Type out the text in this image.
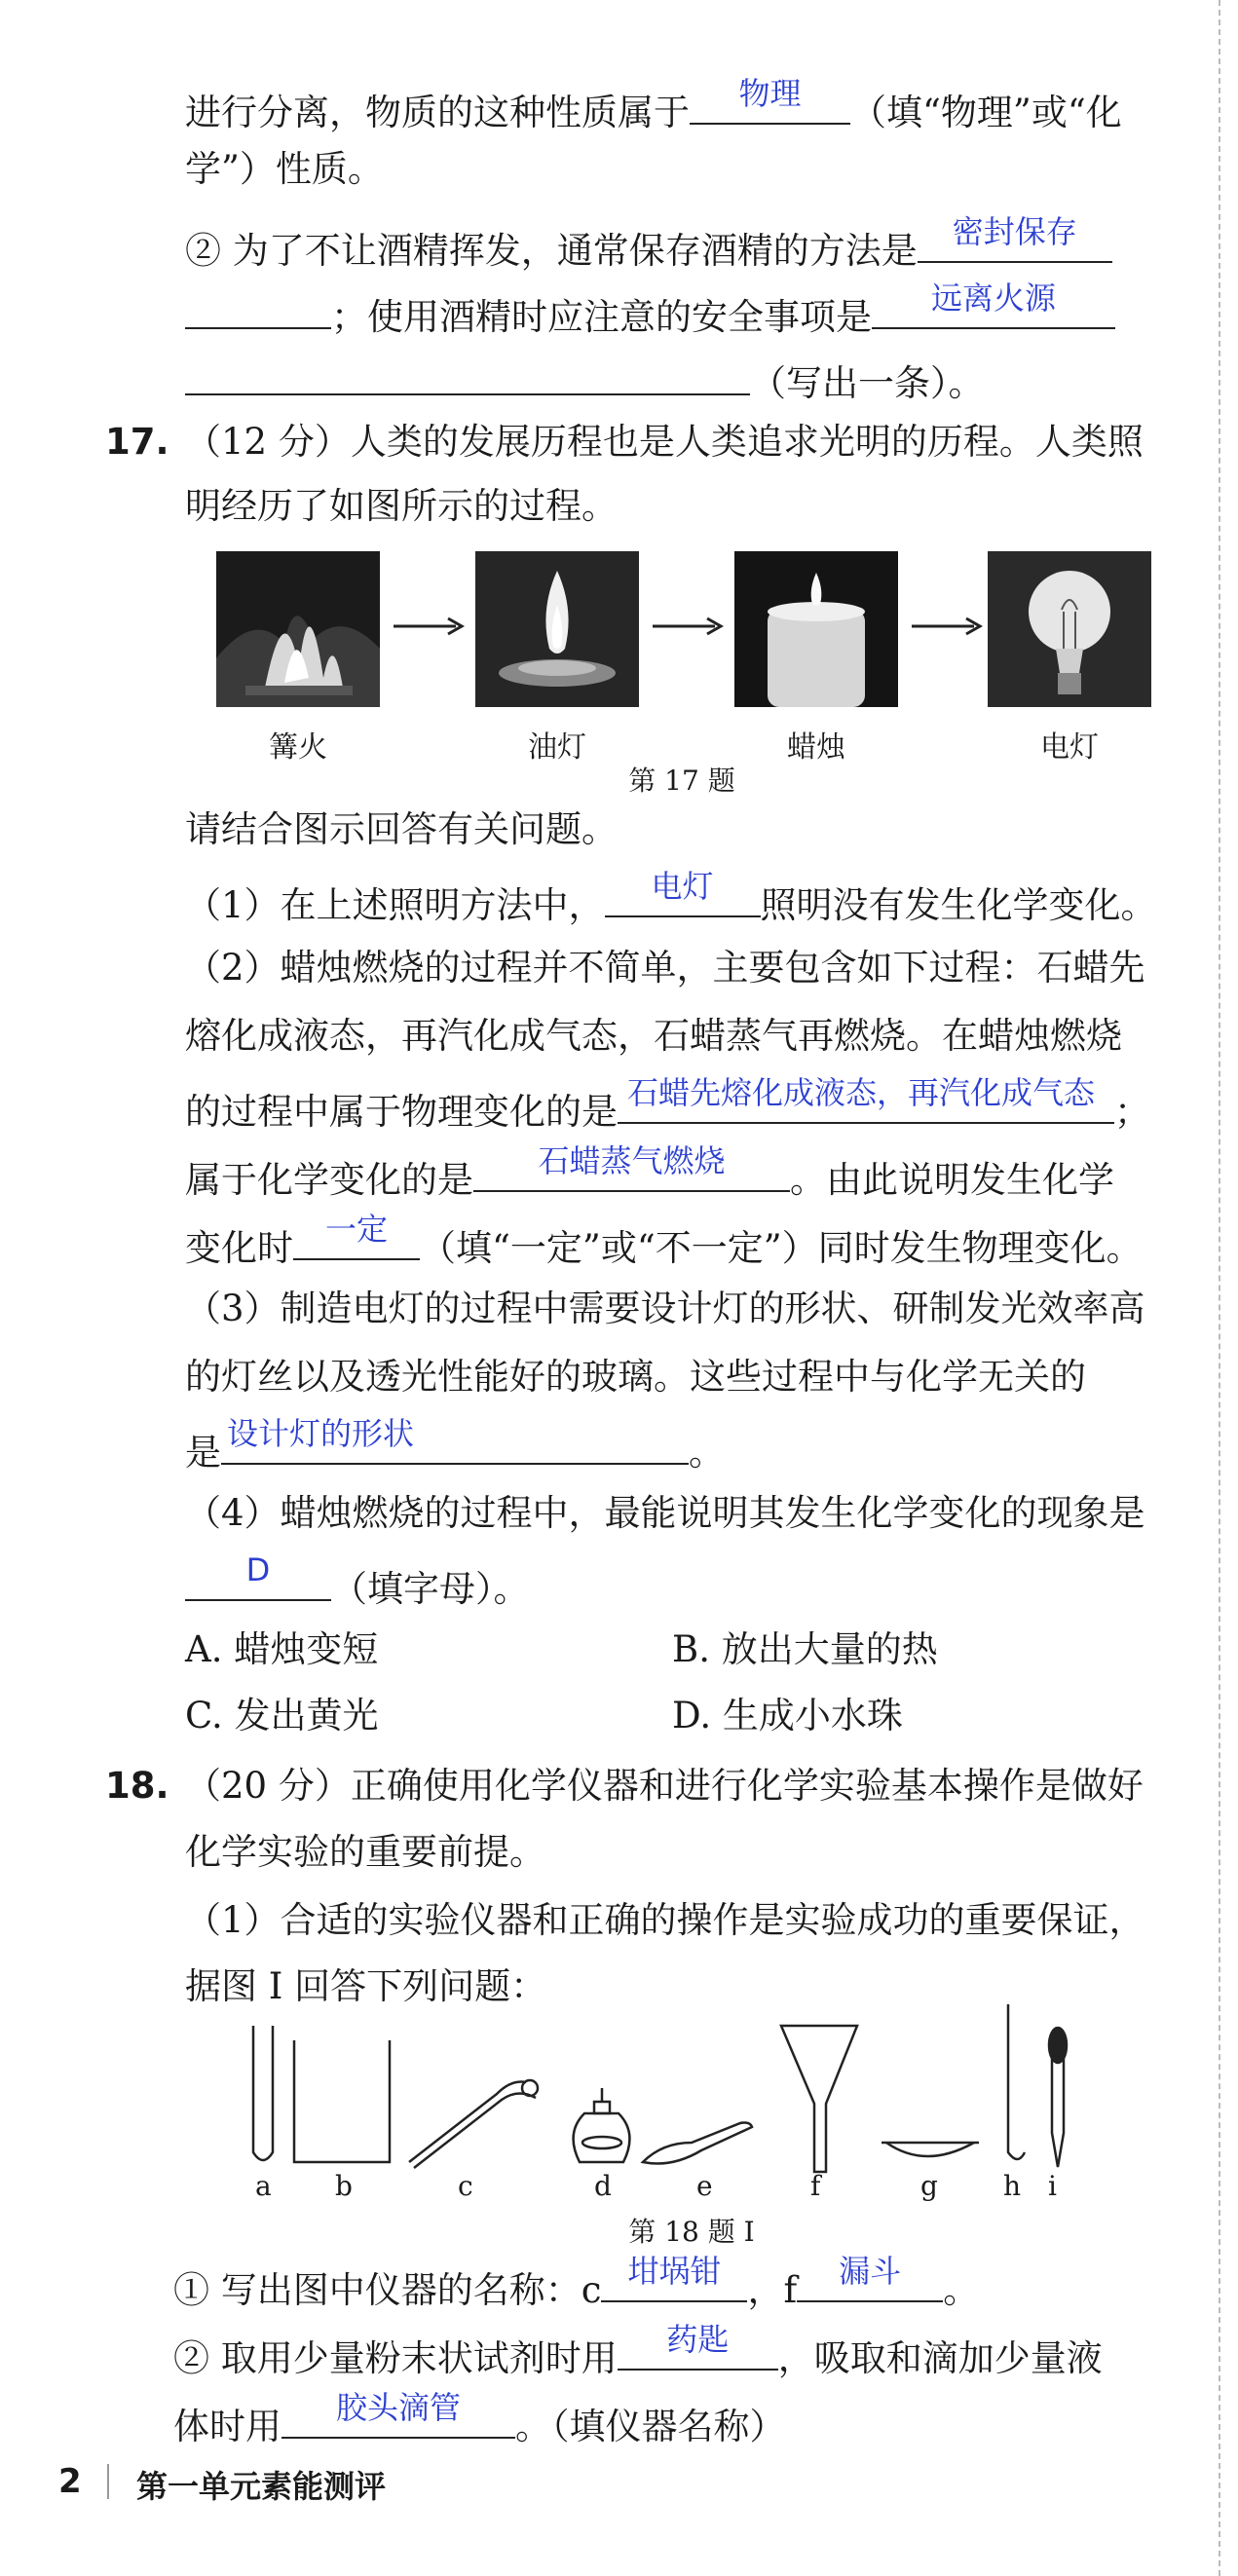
进行分离，物质的这种性质属于	物理	（填“物理”或“化
学”）性质。
② 为了不让酒精挥发，通常保存酒精的方法是	密封保存
；使用酒精时应注意的安全事项是	远离火源
（写出一条）。
17. （12 分）人类的发展历程也是人类追求光明的历程。人类照
明经历了如图所示的过程。
篝火	油灯	蜡烛	电灯
第 17 题
请结合图示回答有关问题。
（1）在上述照明方法中，	电灯	照明没有发生化学变化。
（2）蜡烛燃烧的过程并不简单，主要包含如下过程：石蜡先
熔化成液态，再汽化成气态，石蜡蒸气再燃烧。在蜡烛燃烧
的过程中属于物理变化的是 石蜡先熔化成液态，再汽化成气态 ；
属于化学变化的是	石蜡蒸气燃烧	。由此说明发生化学
变化时	一定 （填“一定”或“不一定”）同时发生物理变化。
（3）制造电灯的过程中需要设计灯的形状、研制发光效率高
的灯丝以及透光性能好的玻璃。这些过程中与化学无关的
是 设计灯的形状	。
（4）蜡烛燃烧的过程中，最能说明其发生化学变化的现象是
D	（填字母）。
A. 蜡烛变短	B. 放出大量的热
C. 发出黄光	D. 生成小水珠
18. （20 分）正确使用化学仪器和进行化学实验基本操作是做好
化学实验的重要前提。
（1）合适的实验仪器和正确的操作是实验成功的重要保证，
据图 Ⅰ 回答下列问题：
a b	c	d	e	f	g h i
第 18 题 Ⅰ
① 写出图中仪器的名称：c 坩埚钳 ，f	漏斗	。
② 取用少量粉末状试剂时用	药匙	，吸取和滴加少量液
体时用	胶头滴管	。（填仪器名称）
2 第一单元素能测评
